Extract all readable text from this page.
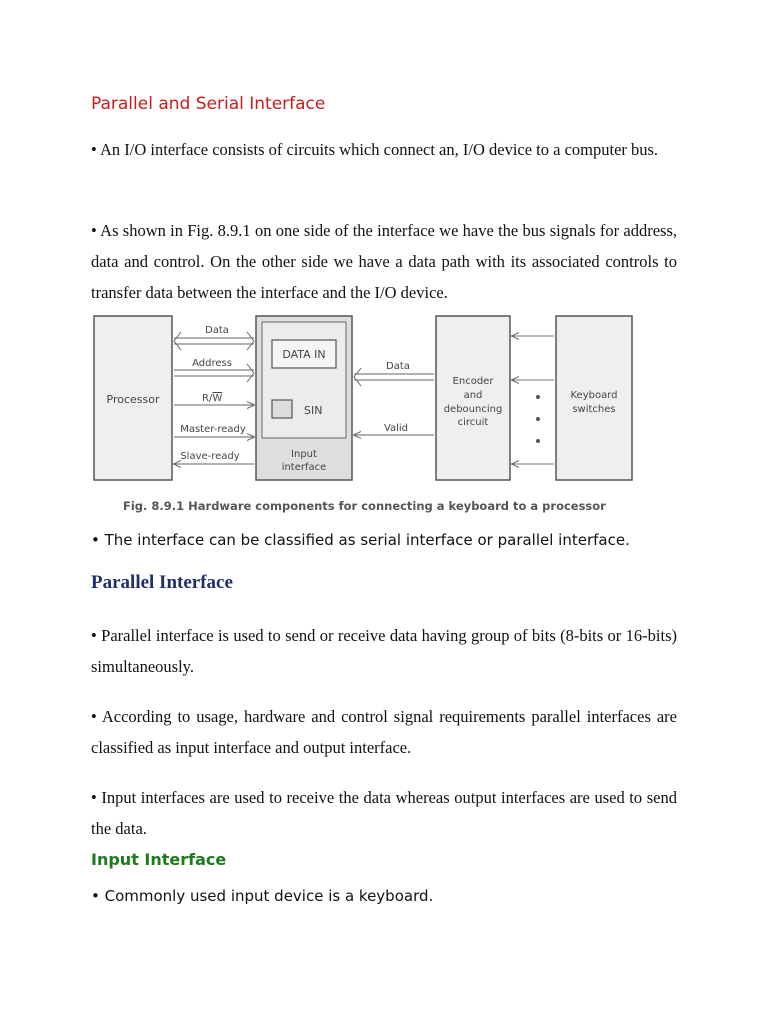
Parallel and Serial Interface

• An I/O interface consists of circuits which connect an, I/O device to a computer bus.

• As shown in Fig. 8.9.1 on one side of the interface we have the bus signals for address, data and control. On the other side we have a data path with its associated controls to transfer data between the interface and the I/O device.

Processor
DATA IN
SIN
Input
interface
Encoder
and
debouncing
circuit
Keyboard
switches
Data
Address
R/W
Master-ready
Slave-ready
Data
Valid
Fig. 8.9.1 Hardware components for connecting a keyboard to a processor

• The interface can be classified as serial interface or parallel interface.

Parallel Interface

• Parallel interface is used to send or receive data having group of bits (8-bits or 16-bits) simultaneously.

• According to usage, hardware and control signal requirements parallel interfaces are classified as input interface and output interface.

• Input interfaces are used to receive the data whereas output interfaces are used to send the data.

Input Interface

• Commonly used input device is a keyboard.
